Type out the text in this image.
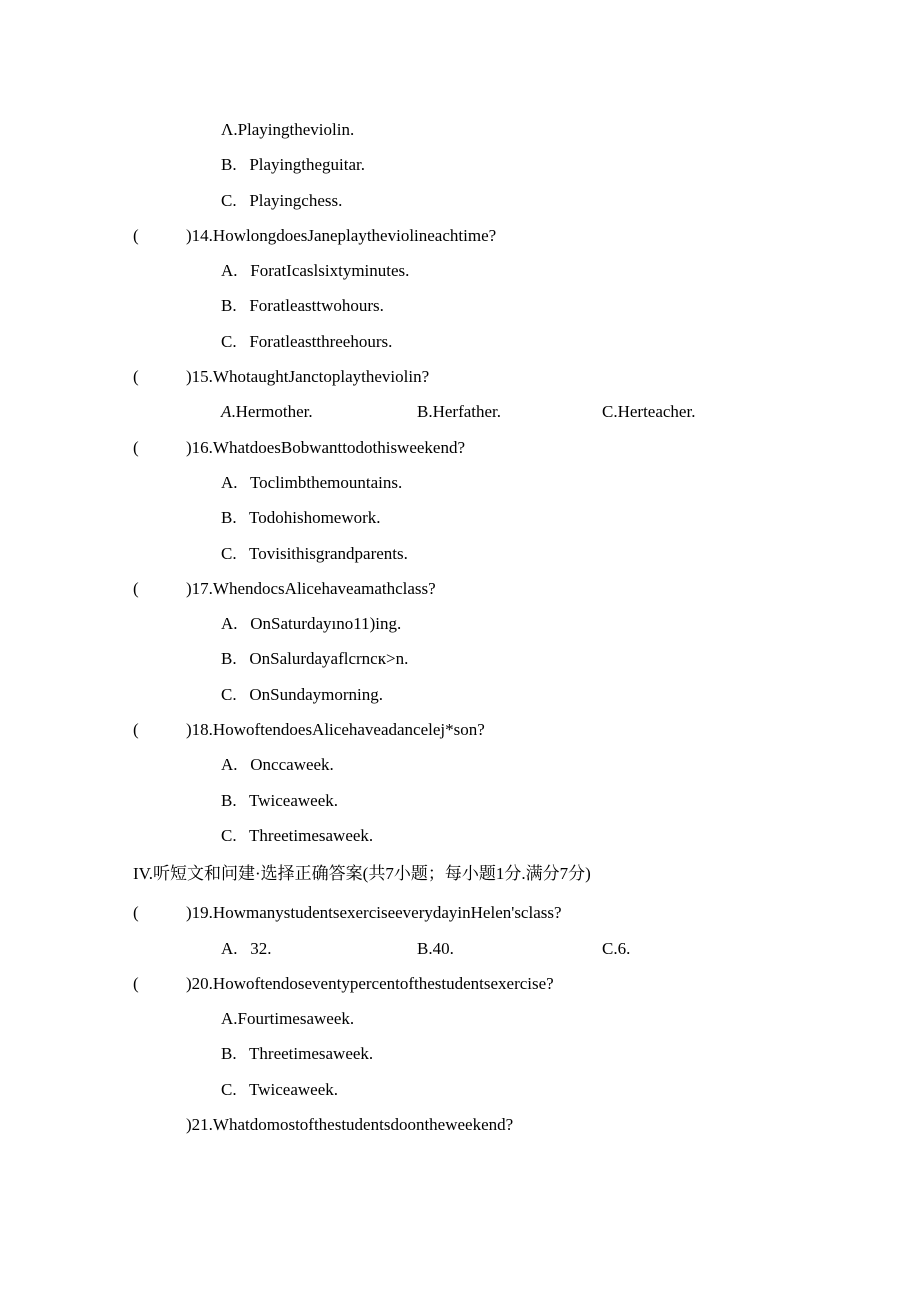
Λ.Playingtheviolin.
B.   Playingtheguitar.
C.   Playingchess.
(	)14.HowlongdoesJaneplaytheviolineachtime?
A.   ForatIcaslsixtyminutes.
B.   Foratleasttwohours.
C.   Foratleastthreehours.
(	)15.WhotaughtJanctoplaytheviolin?
A.Hermother.	B.Herfather.	C.Herteacher.
(	)16.WhatdoesBobwanttodothisweekend?
A.   Toclimbthemountains.
B.   Todohishomework.
C.   Tovisithisgrandparents.
(	)17.WhendocsAlicehaveamathclass?
A.   OnSaturdayıno11)ing.
B.   OnSalurdayaflcrnск>n.
C.   OnSundaymorning.
(	)18.HowoftendoesAlicehaveadancelej*son?
A.   Onccaweek.
B.   Twiceaweek.
C.   Threetimesaweek.
IV.听短文和问建·选择正确答案(共7小题；每小题1分.满分7分)
(	)19.HowmanystudentsexerciseeverydayinHelen'sclass?
A.   32.	B.40.	C.6.
(	)20.Howoftendoseventypercentofthestudentsexercise?
A.Fourtimesaweek.
B.   Threetimesaweek.
C.   Twiceaweek.
)21.Whatdomostofthestudentsdoontheweekend?
